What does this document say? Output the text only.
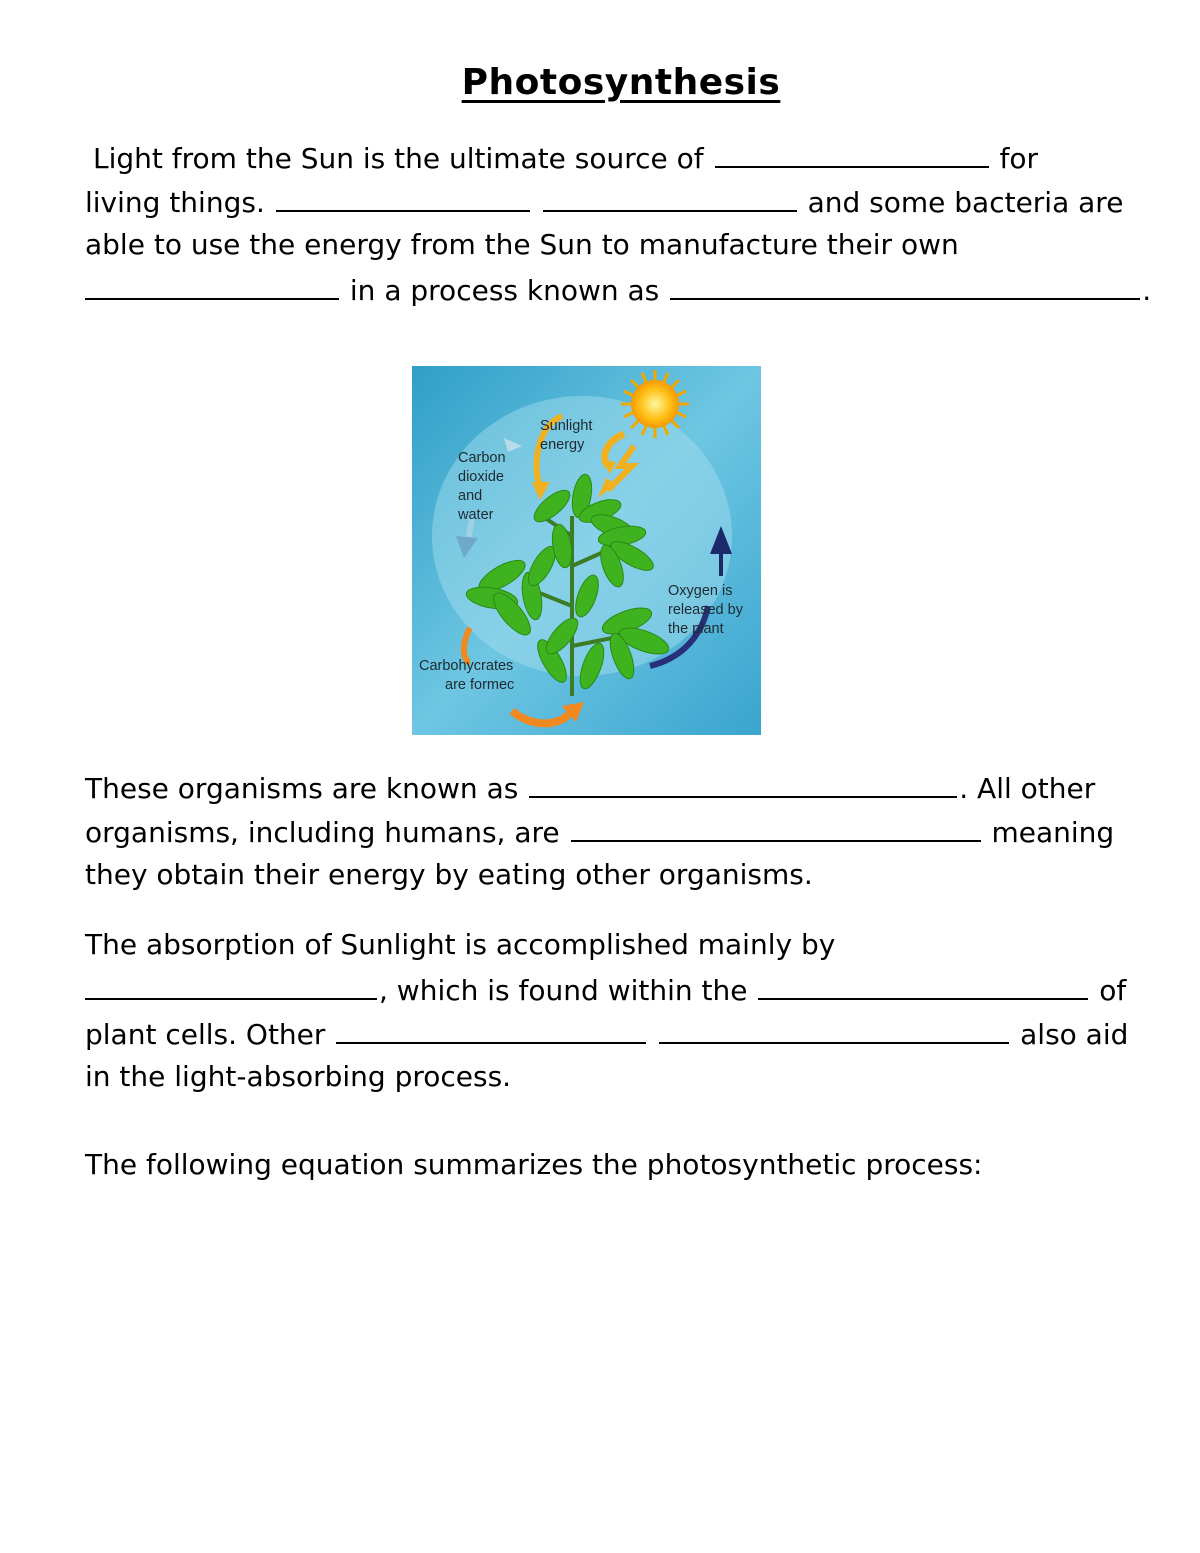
Photosynthesis
Light from the Sun is the ultimate source of	for
living things.	and some bacteria are
able to use the energy from the Sun to manufacture their own
in a process known as	.
Sunlight energy
Carbon dioxide and water
Oxygen is released by the plant
Carbohycrates are formec
These organisms are known as	. All other
organisms, including humans, are	meaning
they obtain their energy by eating other organisms.
The absorption of Sunlight is accomplished mainly by
, which is found within the	of
plant cells. Other	also aid
in the light-absorbing process.
The following equation summarizes the photosynthetic process:
